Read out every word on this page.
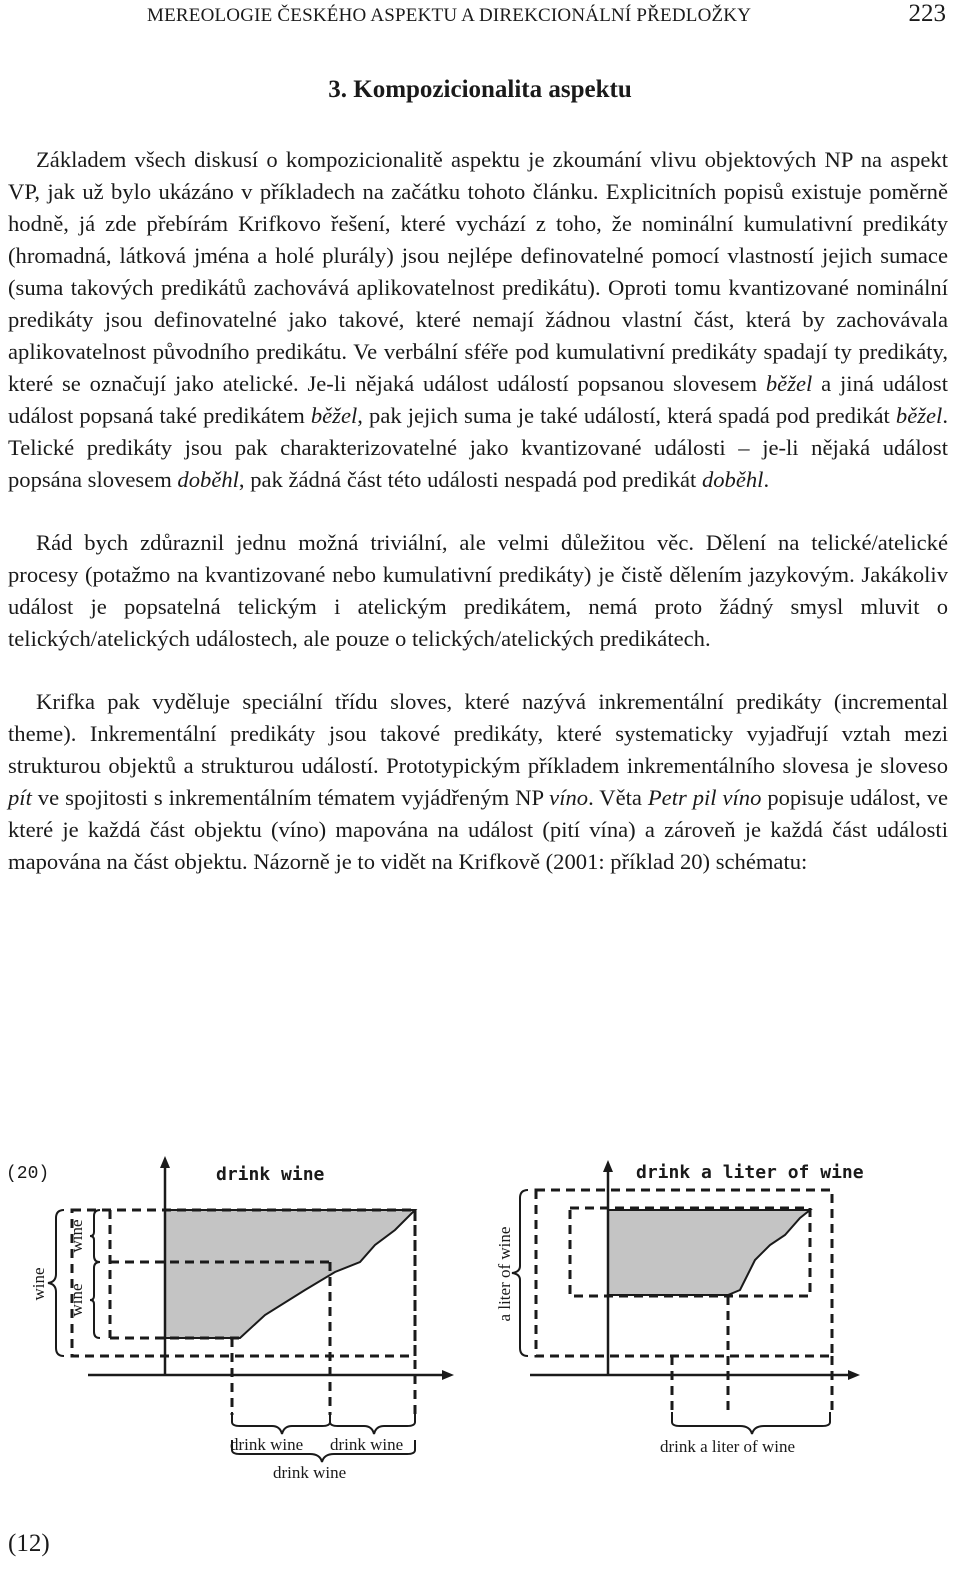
MEREOLOGIE ČESKÉHO ASPEKTU A DIREKCIONÁLNÍ PŘEDLOŽKY	223
3. Kompozicionalita aspektu

Základem všech diskusí o kompozicionalitě aspektu je zkoumání vlivu objektových NP na aspekt VP, jak už bylo ukázáno v příkladech na začátku tohoto článku. Explicitních popisů existuje poměrně hodně, já zde přebírám Krifkovo řešení, které vychází z toho, že nominální kumulativní predikáty (hromadná, látková jména a holé plurály) jsou nejlépe definovatelné pomocí vlastností jejich sumace (suma takových predikátů zachovává aplikovatelnost predikátu). Oproti tomu kvantizované nominální predikáty jsou definovatelné jako takové, které nemají žádnou vlastní část, která by zachovávala aplikovatelnost původního predikátu. Ve verbální sféře pod kumulativní predikáty spadají ty predikáty, které se označují jako atelické. Je-li nějaká událost událostí popsanou slovesem běžel a jiná událost událost popsaná také predikátem běžel, pak jejich suma je také událostí, která spadá pod predikát běžel. Telické predikáty jsou pak charakterizovatelné jako kvantizované události – je-li nějaká událost popsána slovesem doběhl, pak žádná část této události nespadá pod predikát doběhl.

Rád bych zdůraznil jednu možná triviální, ale velmi důležitou věc. Dělení na telické/atelické procesy (potažmo na kvantizované nebo kumulativní predikáty) je čistě dělením jazykovým. Jakákoliv událost je popsatelná telickým i atelickým predikátem, nemá proto žádný smysl mluvit o telických/atelických událostech, ale pouze o telických/atelických predikátech.

Krifka pak vyděluje speciální třídu sloves, které nazývá inkrementální predikáty (incremental theme). Inkrementální predikáty jsou takové predikáty, které systematicky vyjadřují vztah mezi strukturou objektů a strukturou událostí. Prototypickým příkladem inkrementálního slovesa je sloveso pít ve spojitosti s inkrementálním tématem vyjádřeným NP víno. Věta Petr pil víno popisuje událost, ve které je každá část objektu (víno) mapována na událost (pití vína) a zároveň je každá část události mapována na část objektu. Názorně je to vidět na Krifkově (2001: příklad 20) schématu:

(20)	drink wine
wine
wine
wine
drink wine drink wine
drink wine
drink a liter of wine
a liter of wine
drink a liter of wine
(12)
